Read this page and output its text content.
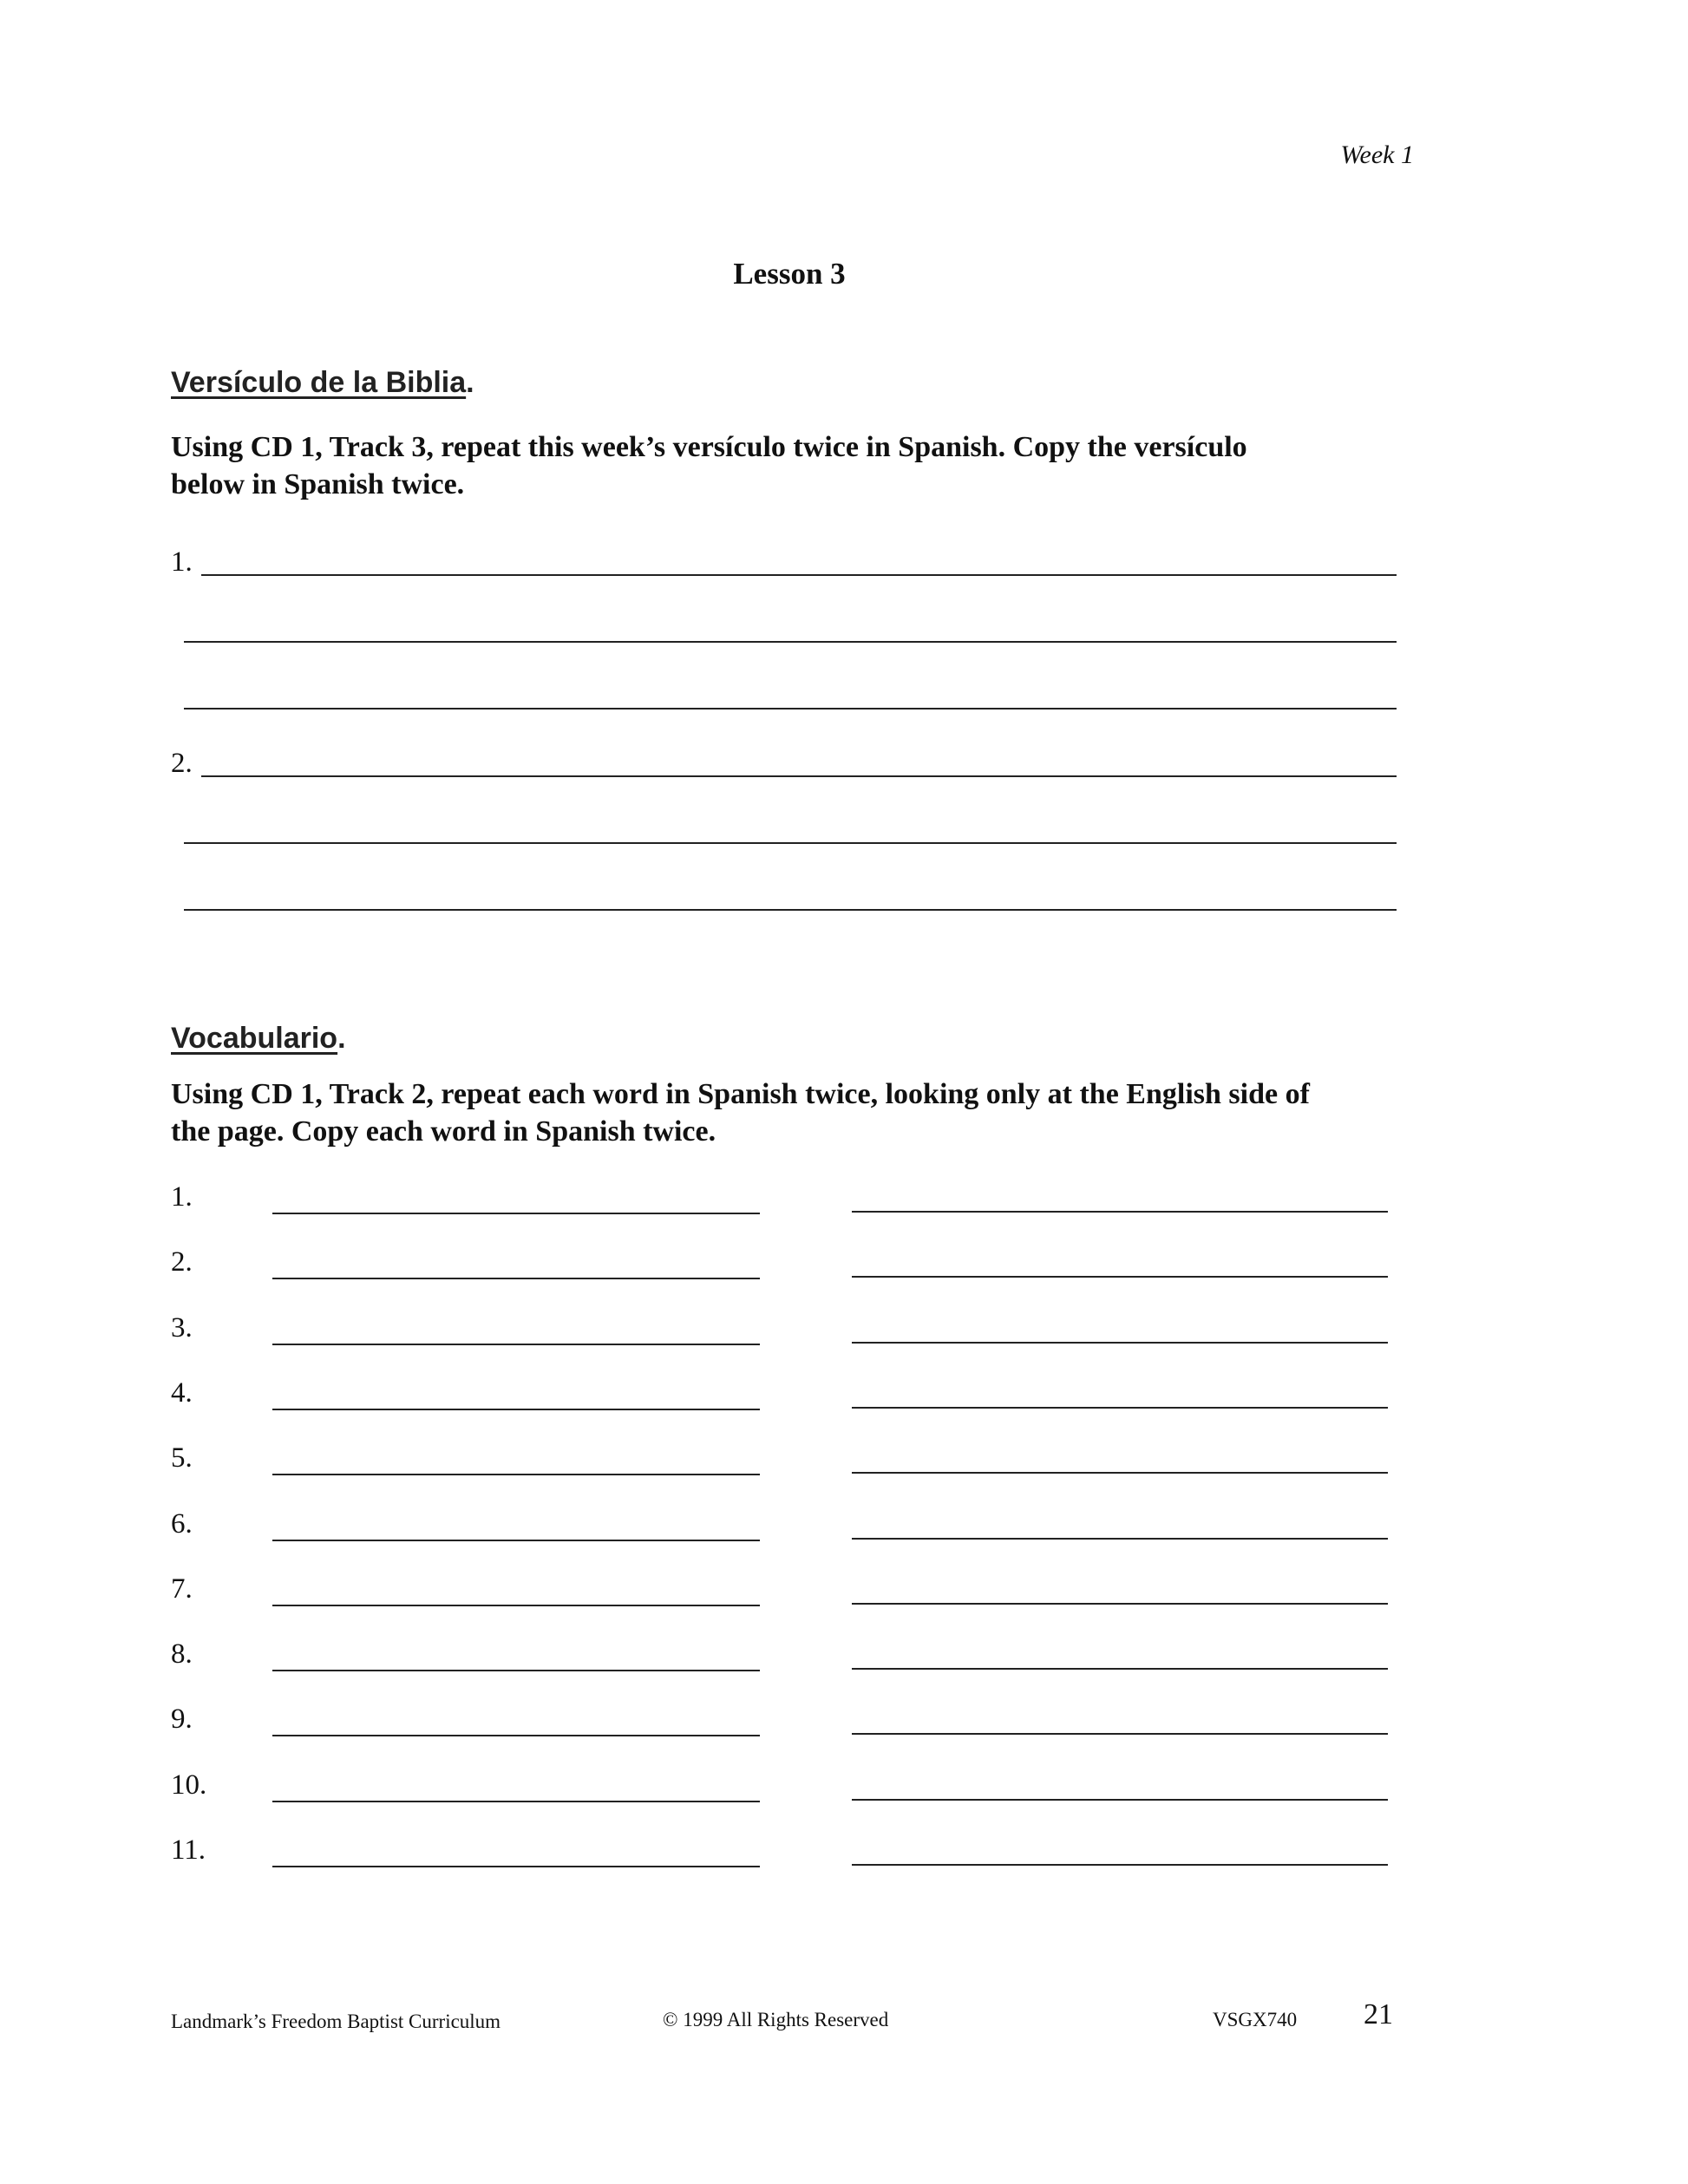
Week 1
Lesson 3
Versículo de la Biblia.
Using CD 1, Track 3, repeat this week’s versículo twice in Spanish. Copy the versículo
below in Spanish twice.
1.
2.
Vocabulario.
Using CD 1, Track 2, repeat each word in Spanish twice, looking only at the English side of
the page. Copy each word in Spanish twice.
1.
2.
3.
4.
5.
6.
7.
8.
9.
10.
11.
Landmark’s Freedom Baptist Curriculum	© 1999 All Rights Reserved	VSGX740 21
